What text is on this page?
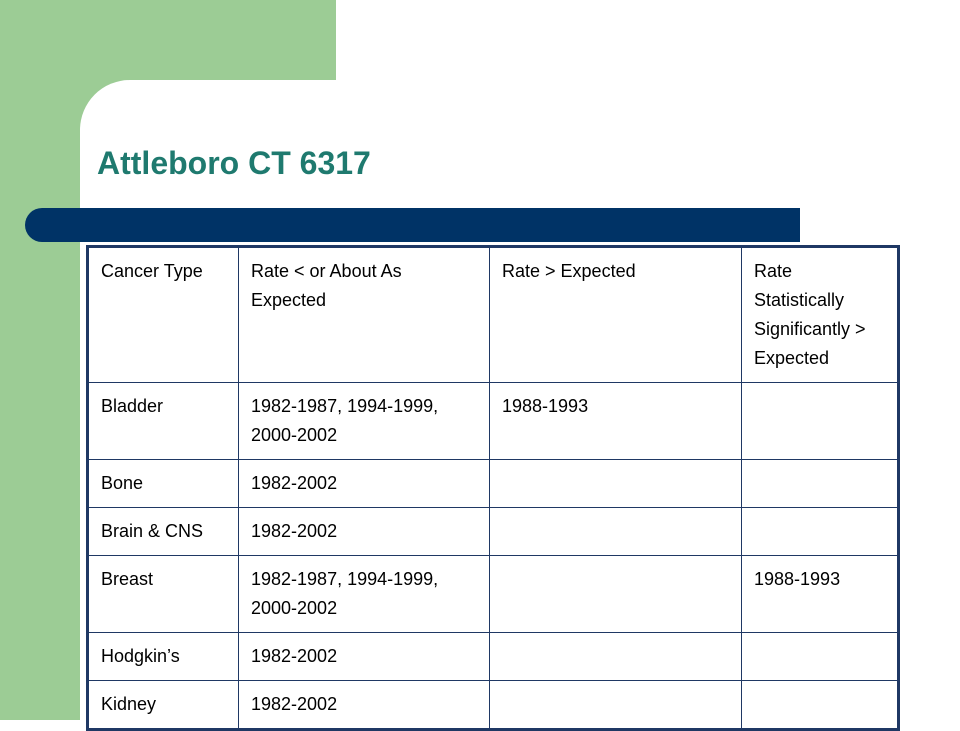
Attleboro CT 6317
Cancer Type	Rate < or About As Expected	Rate > Expected	Rate Statistically Significantly > Expected
Bladder	1982-1987, 1994-1999, 2000-2002	1988-1993	
Bone	1982-2002		
Brain & CNS	1982-2002		
Breast	1982-1987, 1994-1999, 2000-2002		1988-1993
Hodgkin’s	1982-2002		
Kidney	1982-2002		
